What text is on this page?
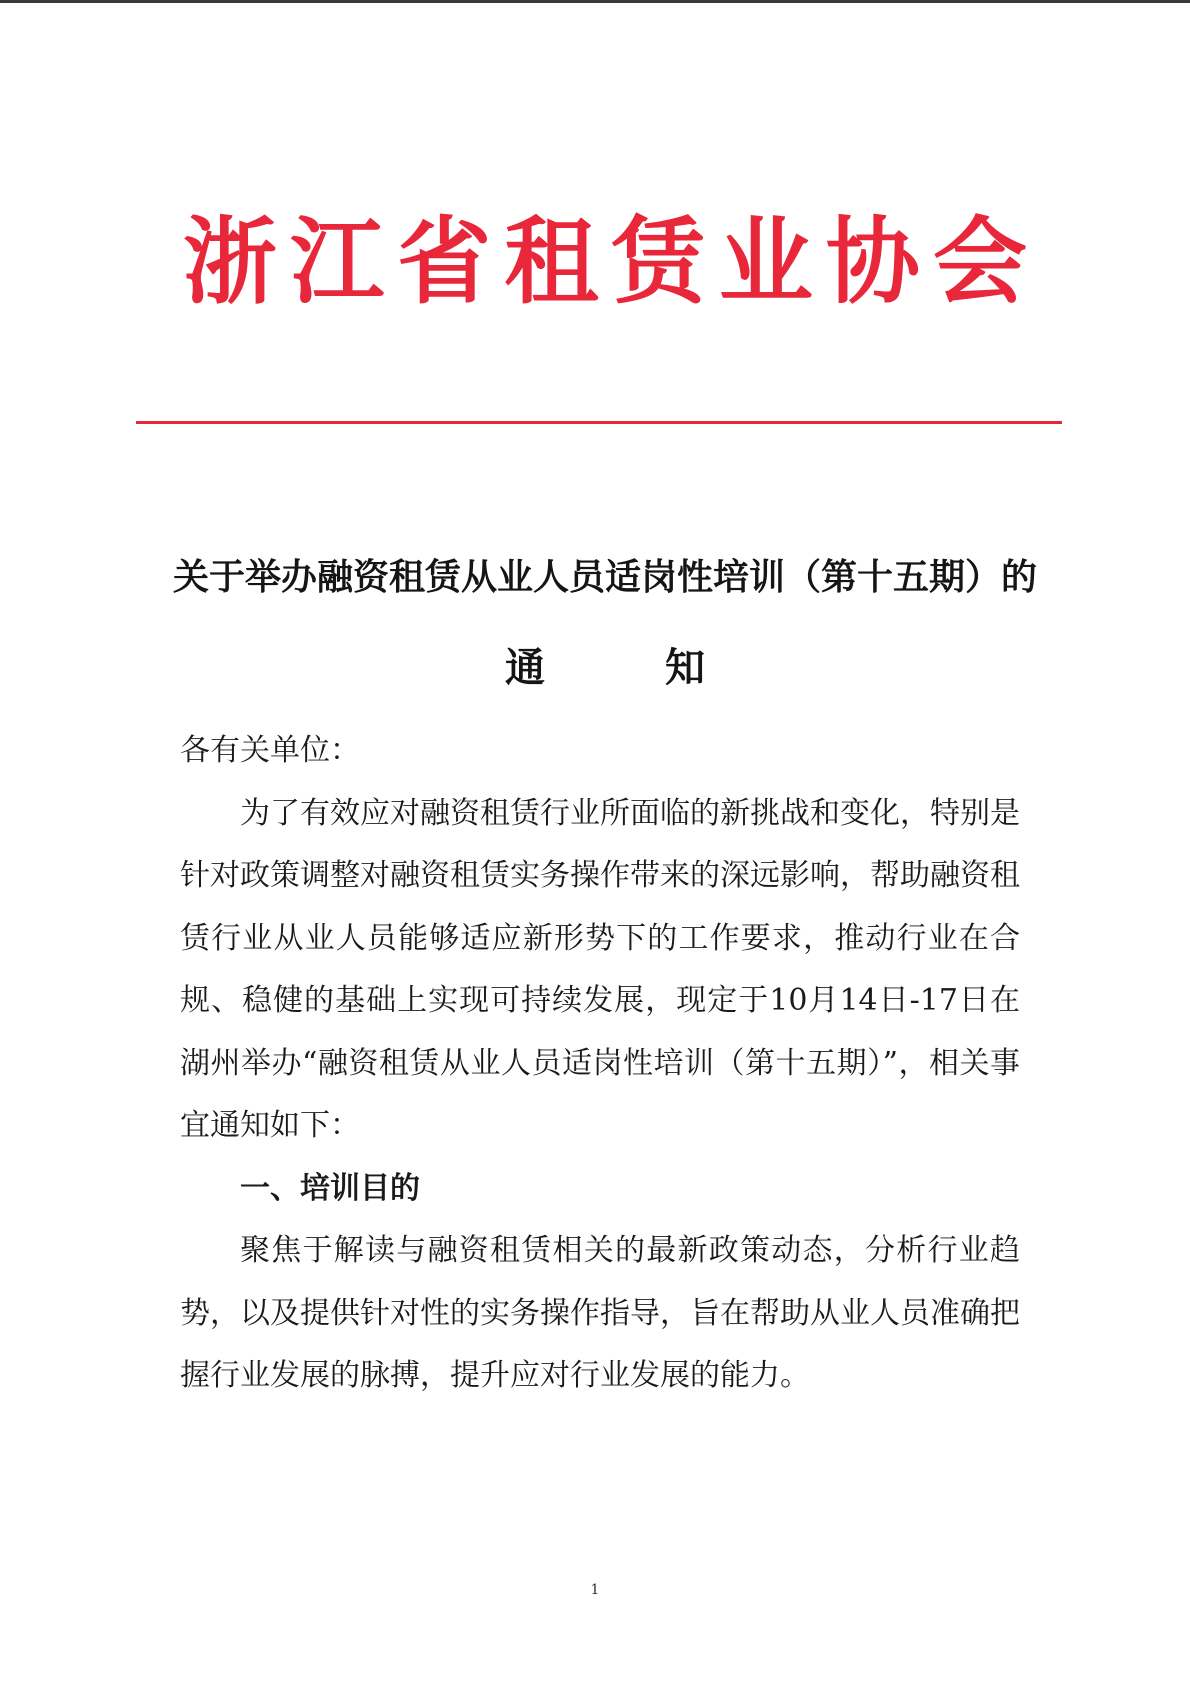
浙 江 省 租 赁 业 协 会
关于举办融资租赁从业人员适岗性培训（第十五期）的
通	知

各有关单位：

为了有效应对融资租赁行业所面临的新挑战和变化，特别是针对政策调整对融资租赁实务操作带来的深远影响，帮助融资租赁行业从业人员能够适应新形势下的工作要求，推动行业在合规、稳健的基础上实现可持续发展，现定于10月14日-17日在湖州举办“融资租赁从业人员适岗性培训（第十五期）”，相关事宜通知如下：

一、培训目的

聚焦于解读与融资租赁相关的最新政策动态，分析行业趋势，以及提供针对性的实务操作指导，旨在帮助从业人员准确把握行业发展的脉搏，提升应对行业发展的能力。

1
